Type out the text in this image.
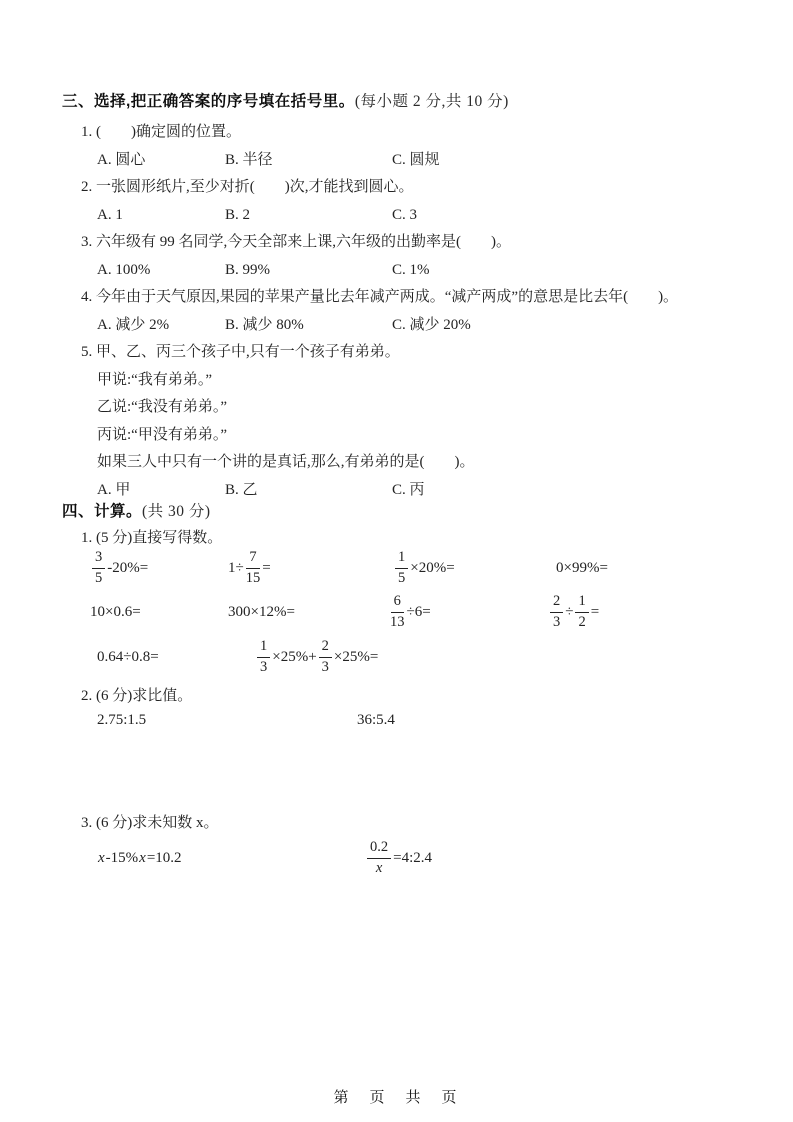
三、选择,把正确答案的序号填在括号里。(每小题 2 分,共 10 分)
1. (　　)确定圆的位置。
A. 圆心	B. 半径	C. 圆规
2. 一张圆形纸片,至少对折(　　)次,才能找到圆心。
A. 1	B. 2	C. 3
3. 六年级有 99 名同学,今天全部来上课,六年级的出勤率是(　　)。
A. 100%	B. 99%	C. 1%
4. 今年由于天气原因,果园的苹果产量比去年减产两成。“减产两成”的意思是比去年(　　)。
A. 减少 2%	B. 减少 80%	C. 减少 20%
5. 甲、乙、丙三个孩子中,只有一个孩子有弟弟。
甲说:“我有弟弟。”
乙说:“我没有弟弟。”
丙说:“甲没有弟弟。”
如果三人中只有一个讲的是真话,那么,有弟弟的是(　　)。
A. 甲	B. 乙	C. 丙
四、计算。(共 30 分)
1. (5 分)直接写得数。
$\frac{3}{5} -20\%=$	$1\div \frac{7}{15}$ =	$\frac{1}{5} \times 20\%=$	0×99%=
10×0.6=	300×12%=	$\frac{6}{13} \div 6=$	$\frac{2}{3} \div \frac{1}{2}$ =
0.64÷0.8=	$\frac{1}{3} \times 25\%+ \frac{2}{3} \times 25\%=$
2. (6 分)求比值。
2.75:1.5	36:5.4
3. (6 分)求未知数 x。
x -15% x =10.2	$\frac{0.2}{x}$ =4:2.4
第　页　共　页
